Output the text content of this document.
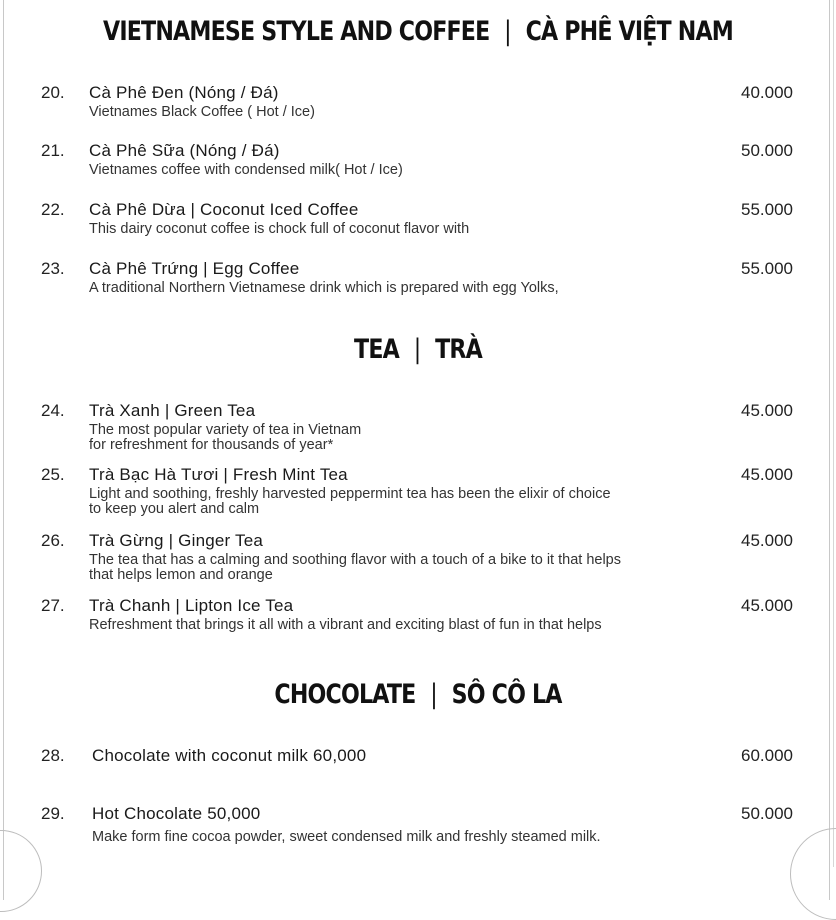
VIETNAMESE STYLE AND COFFEE | CÀ PHÊ VIỆT NAM
20. Cà Phê Đen (Nóng / Đá)	40.000
Vietnames Black Coffee ( Hot / Ice)
21. Cà Phê Sữa (Nóng / Đá)	50.000
Vietnames coffee with condensed milk( Hot / Ice)
22. Cà Phê Dừa | Coconut Iced Coffee	55.000
This dairy coconut coffee is chock full of coconut flavor with
23. Cà Phê Trứng | Egg Coffee	55.000
A traditional Northern Vietnamese drink which is prepared with egg Yolks,
TEA | TRÀ
24. Trà Xanh | Green Tea	45.000
The most popular variety of tea in Vietnam
for refreshment for thousands of year*
25. Trà Bạc Hà Tươi | Fresh Mint Tea	45.000
Light and soothing, freshly harvested peppermint tea has been the elixir of choice
to keep you alert and calm
26. Trà Gừng | Ginger Tea	45.000
The tea that has a calming and soothing flavor with a touch of a bike to it that helps
that helps lemon and orange
27. Trà Chanh | Lipton Ice Tea	45.000
Refreshment that brings it all with a vibrant and exciting blast of fun in that helps
CHOCOLATE | SÔ CÔ LA
28. Chocolate with coconut milk 60,000	60.000
29. Hot Chocolate 50,000	50.000
Make form fine cocoa powder, sweet condensed milk and freshly steamed milk.
